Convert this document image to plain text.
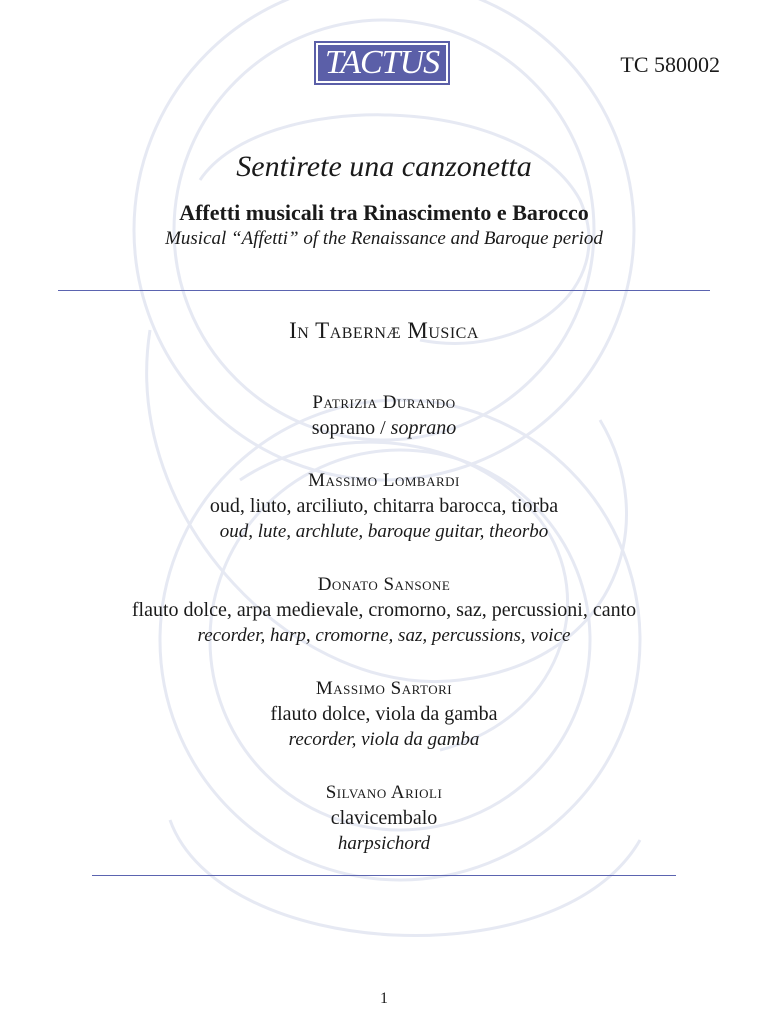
TACTUS	TC 580002
Sentirete una canzonetta
Affetti musicali tra Rinascimento e Barocco
Musical “Affetti” of the Renaissance and Baroque period
In Tabernæ Musica
Patrizia Durando
soprano / soprano
Massimo Lombardi
oud, liuto, arciliuto, chitarra barocca, tiorba
oud, lute, archlute, baroque guitar, theorbo
Donato Sansone
flauto dolce, arpa medievale, cromorno, saz, percussioni, canto
recorder, harp, cromorne, saz, percussions, voice
Massimo Sartori
flauto dolce, viola da gamba
recorder, viola da gamba
Silvano Arioli
clavicembalo
harpsichord
1
